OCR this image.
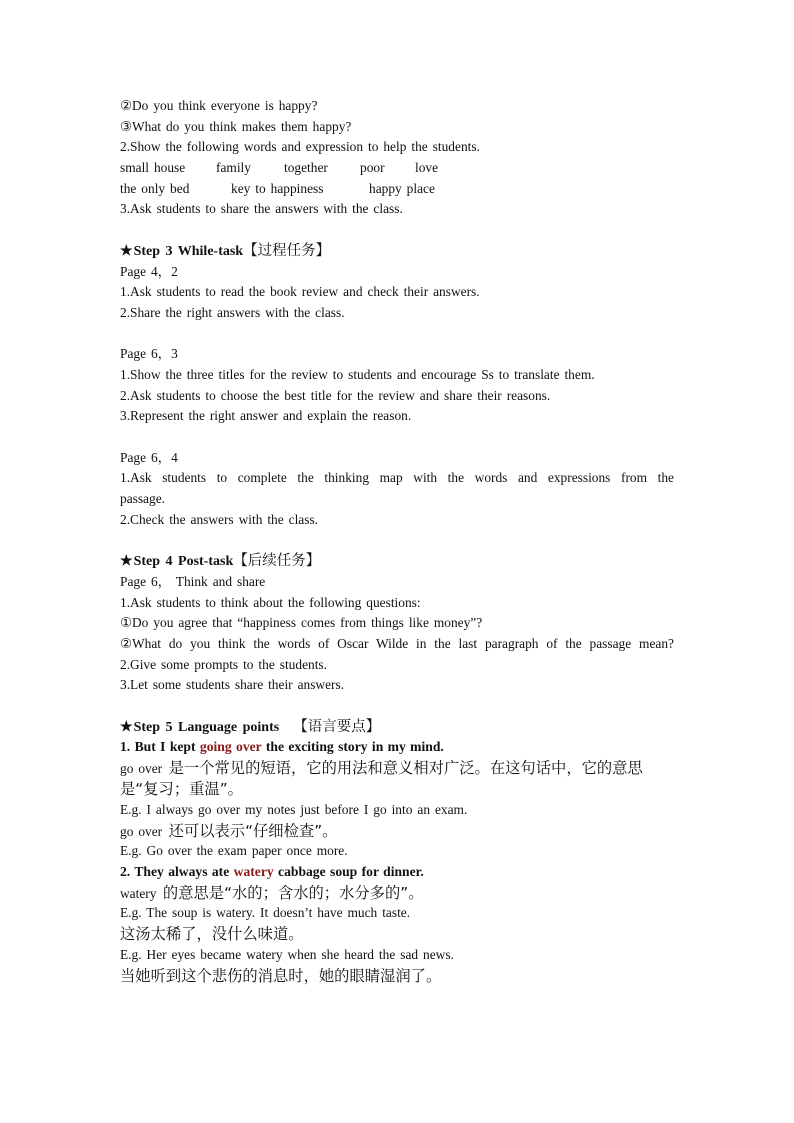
②Do you think everyone is happy?
③What do you think makes them happy?
2.Show the following words and expression to help the students.
small house	family	together	poor	love
the only bed	key to happiness	happy place
3.Ask students to share the answers with the class.
★Step 3 While-task【过程任务】
Page 4，2
1.Ask students to read the book review and check their answers.
2.Share the right answers with the class.
Page 6，3
1.Show the three titles for the review to students and encourage Ss to translate them.
2.Ask students to choose the best title for the review and share their reasons.
3.Represent the right answer and explain the reason.
Page 6，4
1.Ask students to complete the thinking map with the words and expressions from the passage.
2.Check the answers with the class.
★Step 4 Post-task【后续任务】
Page 6， Think and share
1.Ask students to think about the following questions:
①Do you agree that “happiness comes from things like money”?
②What do you think the words of Oscar Wilde in the last paragraph of the passage mean?
2.Give some prompts to the students.
3.Let some students share their answers.
★Step 5 Language points 【语言要点】
1. But I kept going over the exciting story in my mind.
go over 是一个常见的短语，它的用法和意义相对广泛。在这句话中，它的意思是“复习；重温”。
E.g. I always go over my notes just before I go into an exam.
go over 还可以表示“仔细检查”。
E.g. Go over the exam paper once more.
2. They always ate watery cabbage soup for dinner.
watery 的意思是“水的；含水的；水分多的”。
E.g. The soup is watery. It doesn’t have much taste.
这汤太稀了，没什么味道。
E.g. Her eyes became watery when she heard the sad news.
当她听到这个悲伤的消息时，她的眼睛湿润了。
